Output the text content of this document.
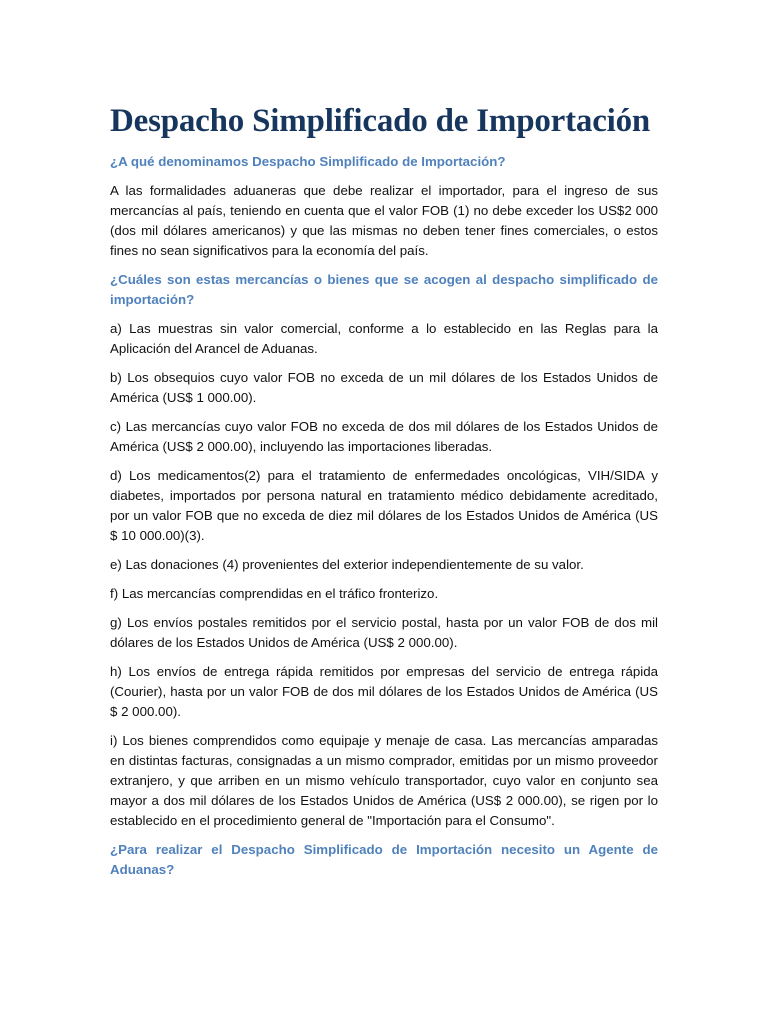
Despacho Simplificado de Importación

¿A qué denominamos Despacho Simplificado de Importación?

A las formalidades aduaneras que debe realizar el importador, para el ingreso de sus mercancías al país, teniendo en cuenta que el valor FOB (1) no debe exceder los US$2 000 (dos mil dólares americanos) y que las mismas no deben tener fines comerciales, o estos fines no sean significativos para la economía del país.

¿Cuáles son estas mercancías o bienes que se acogen al despacho simplificado de importación?

a) Las muestras sin valor comercial, conforme a lo establecido en las Reglas para la Aplicación del Arancel de Aduanas.

b) Los obsequios cuyo valor FOB no exceda de un mil dólares de los Estados Unidos de América (US$ 1 000.00).

c) Las mercancías cuyo valor FOB no exceda de dos mil dólares de los Estados Unidos de América (US$ 2 000.00), incluyendo las importaciones liberadas.

d) Los medicamentos(2) para el tratamiento de enfermedades oncológicas, VIH/SIDA y diabetes, importados por persona natural en tratamiento médico debidamente acreditado, por un valor FOB que no exceda de diez mil dólares de los Estados Unidos de América (US $ 10 000.00)(3).

e) Las donaciones (4) provenientes del exterior independientemente de su valor.

f) Las mercancías comprendidas en el tráfico fronterizo.

g) Los envíos postales remitidos por el servicio postal, hasta por un valor FOB de dos mil dólares de los Estados Unidos de América (US$ 2 000.00).

h) Los envíos de entrega rápida remitidos por empresas del servicio de entrega rápida (Courier), hasta por un valor FOB de dos mil dólares de los Estados Unidos de América (US $ 2 000.00).

i) Los bienes comprendidos como equipaje y menaje de casa. Las mercancías amparadas en distintas facturas, consignadas a un mismo comprador, emitidas por un mismo proveedor extranjero, y que arriben en un mismo vehículo transportador, cuyo valor en conjunto sea mayor a dos mil dólares de los Estados Unidos de América (US$ 2 000.00), se rigen por lo establecido en el procedimiento general de "Importación para el Consumo".

¿Para realizar el Despacho Simplificado de Importación necesito un Agente de Aduanas?
